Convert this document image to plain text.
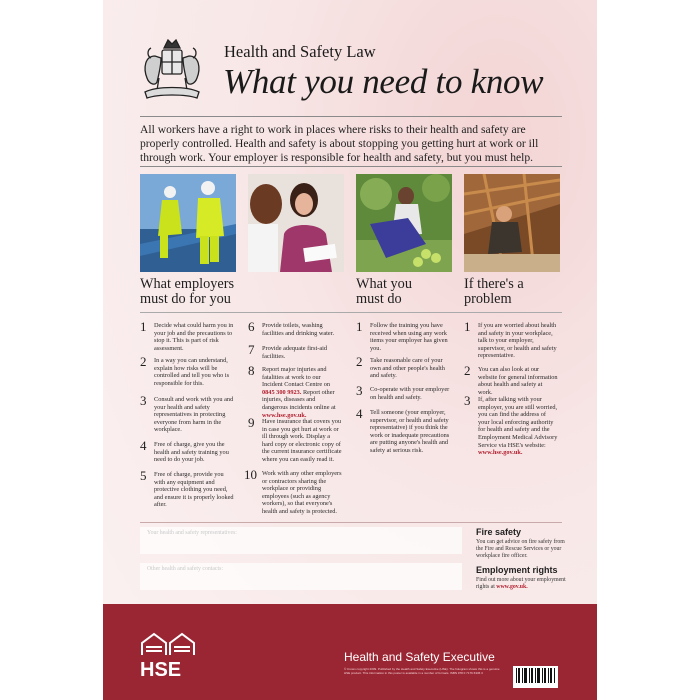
Health and Safety Law
What you need to know
All workers have a right to work in places where risks to their health and safety are properly controlled. Health and safety is about stopping you getting hurt at work or ill through work. Your employer is responsible for health and safety, but you must help.
What employers must do for you
What you must do
If there's a problem
1 Decide what could harm you in your job and the precautions to stop it. This is part of risk assessment.
2 In a way you can understand, explain how risks will be controlled and tell you who is responsible for this.
3 Consult and work with you and your health and safety representatives in protecting everyone from harm in the workplace.
4 Free of charge, give you the health and safety training you need to do your job.
5 Free of charge, provide you with any equipment and protective clothing you need, and ensure it is properly looked after.
6 Provide toilets, washing facilities and drinking water.
7 Provide adequate first-aid facilities.
8 Report major injuries and fatalities at work to our Incident Contact Centre on 0845 300 9923. Report other injuries, diseases and dangerous incidents online at www.hse.gov.uk.
9 Have insurance that covers you in case you get hurt at work or ill through work. Display a hard copy or electronic copy of the current insurance certificate where you can easily read it.
10 Work with any other employers or contractors sharing the workplace or providing employees (such as agency workers), so that everyone's health and safety is protected.
1 Follow the training you have received when using any work items your employer has given you.
2 Take reasonable care of your own and other people's health and safety.
3 Co-operate with your employer on health and safety.
4 Tell someone (your employer, supervisor, or health and safety representative) if you think the work or inadequate precautions are putting anyone's health and safety at serious risk.
1 If you are worried about health and safety in your workplace, talk to your employer, supervisor, or health and safety representative.
2 You can also look at our website for general information about health and safety at work.
3 If, after talking with your employer, you are still worried, you can find the address of your local enforcing authority for health and safety and the Employment Medical Advisory Service via HSE's website: www.hse.gov.uk.
Fire safety
You can get advice on fire safety from the Fire and Rescue Services or your workplace fire officer.
Employment rights
Find out more about your employment rights at www.gov.uk.
HSE
Health and Safety Executive
© Crown copyright 2009. Published by the Health and Safety Executive (HSE). The hologram shows this is a genuine HSE product. This information in this poster is available in a number of formats. ISBN 978 0 7176 6336 3
